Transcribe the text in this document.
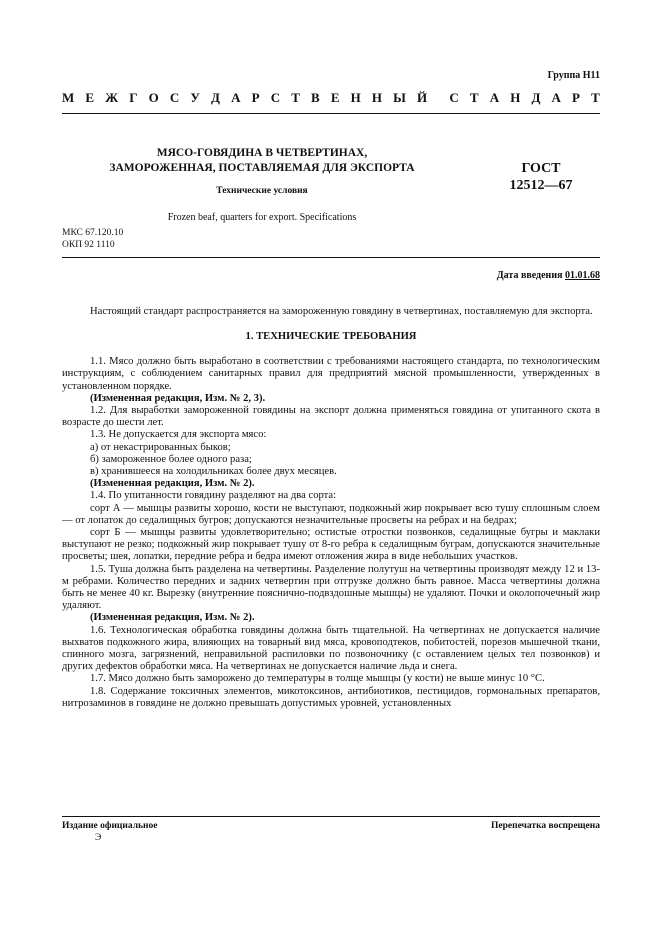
Группа Н11
М Е Ж Г О С У Д А Р С Т В Е Н Н Ы Й С Т А Н Д А Р Т
МЯСО-ГОВЯДИНА В ЧЕТВЕРТИНАХ,
ЗАМОРОЖЕННАЯ, ПОСТАВЛЯЕМАЯ ДЛЯ ЭКСПОРТА
Технические условия
ГОСТ
12512—67
Frozen beaf, quarters for export. Specifications
МКС 67.120.10
ОКП 92 1110
Дата введения 01.01.68

Настоящий стандарт распространяется на замороженную говядину в четвертинах, поставляемую для экспорта.

1. ТЕХНИЧЕСКИЕ ТРЕБОВАНИЯ

1.1. Мясо должно быть выработано в соответствии с требованиями настоящего стандарта, по технологическим инструкциям, с соблюдением санитарных правил для предприятий мясной промышленности, утвержденных в установленном порядке.

(Измененная редакция, Изм. № 2, 3).

1.2. Для выработки замороженной говядины на экспорт должна применяться говядина от упитанного скота в возрасте до шести лет.

1.3. Не допускается для экспорта мясо:

а) от некастрированных быков;

б) замороженное более одного раза;

в) хранившееся на холодильниках более двух месяцев.

(Измененная редакция, Изм. № 2).

1.4. По упитанности говядину разделяют на два сорта:

сорт А — мышцы развиты хорошо, кости не выступают, подкожный жир покрывает всю тушу сплошным слоем — от лопаток до седалищных бугров; допускаются незначительные просветы на ребрах и на бедрах;

сорт Б — мышцы развиты удовлетворительно; остистые отростки позвонков, седалищные бугры и маклаки выступают не резко; подкожный жир покрывает тушу от 8-го ребра к седалищным буграм, допускаются значительные просветы; шея, лопатки, передние ребра и бедра имеют отложения жира в виде небольших участков.

1.5. Туша должна быть разделена на четвертины. Разделение полутуш на четвертины производят между 12 и 13-м ребрами. Количество передних и задних четвертин при отгрузке должно быть равное. Масса четвертины должна быть не менее 40 кг. Вырезку (внутренние пояснично-подвздошные мышцы) не удаляют. Почки и околопочечный жир удаляют.

(Измененная редакция, Изм. № 2).

1.6. Технологическая обработка говядины должна быть тщательной. На четвертинах не допускается наличие выхватов подкожного жира, влияющих на товарный вид мяса, кровоподтеков, побитостей, порезов мышечной ткани, спинного мозга, загрязнений, неправильной распиловки по позвоночнику (с оставлением целых тел позвонков) и других дефектов обработки мяса. На четвертинах не допускается наличие льда и снега.

1.7. Мясо должно быть заморожено до температуры в толще мышцы (у кости) не выше минус 10 °С.

1.8. Содержание токсичных элементов, микотоксинов, антибиотиков, пестицидов, гормональных препаратов, нитрозаминов в говядине не должно превышать допустимых уровней, установленных

Издание официальное
Э
Перепечатка воспрещена
